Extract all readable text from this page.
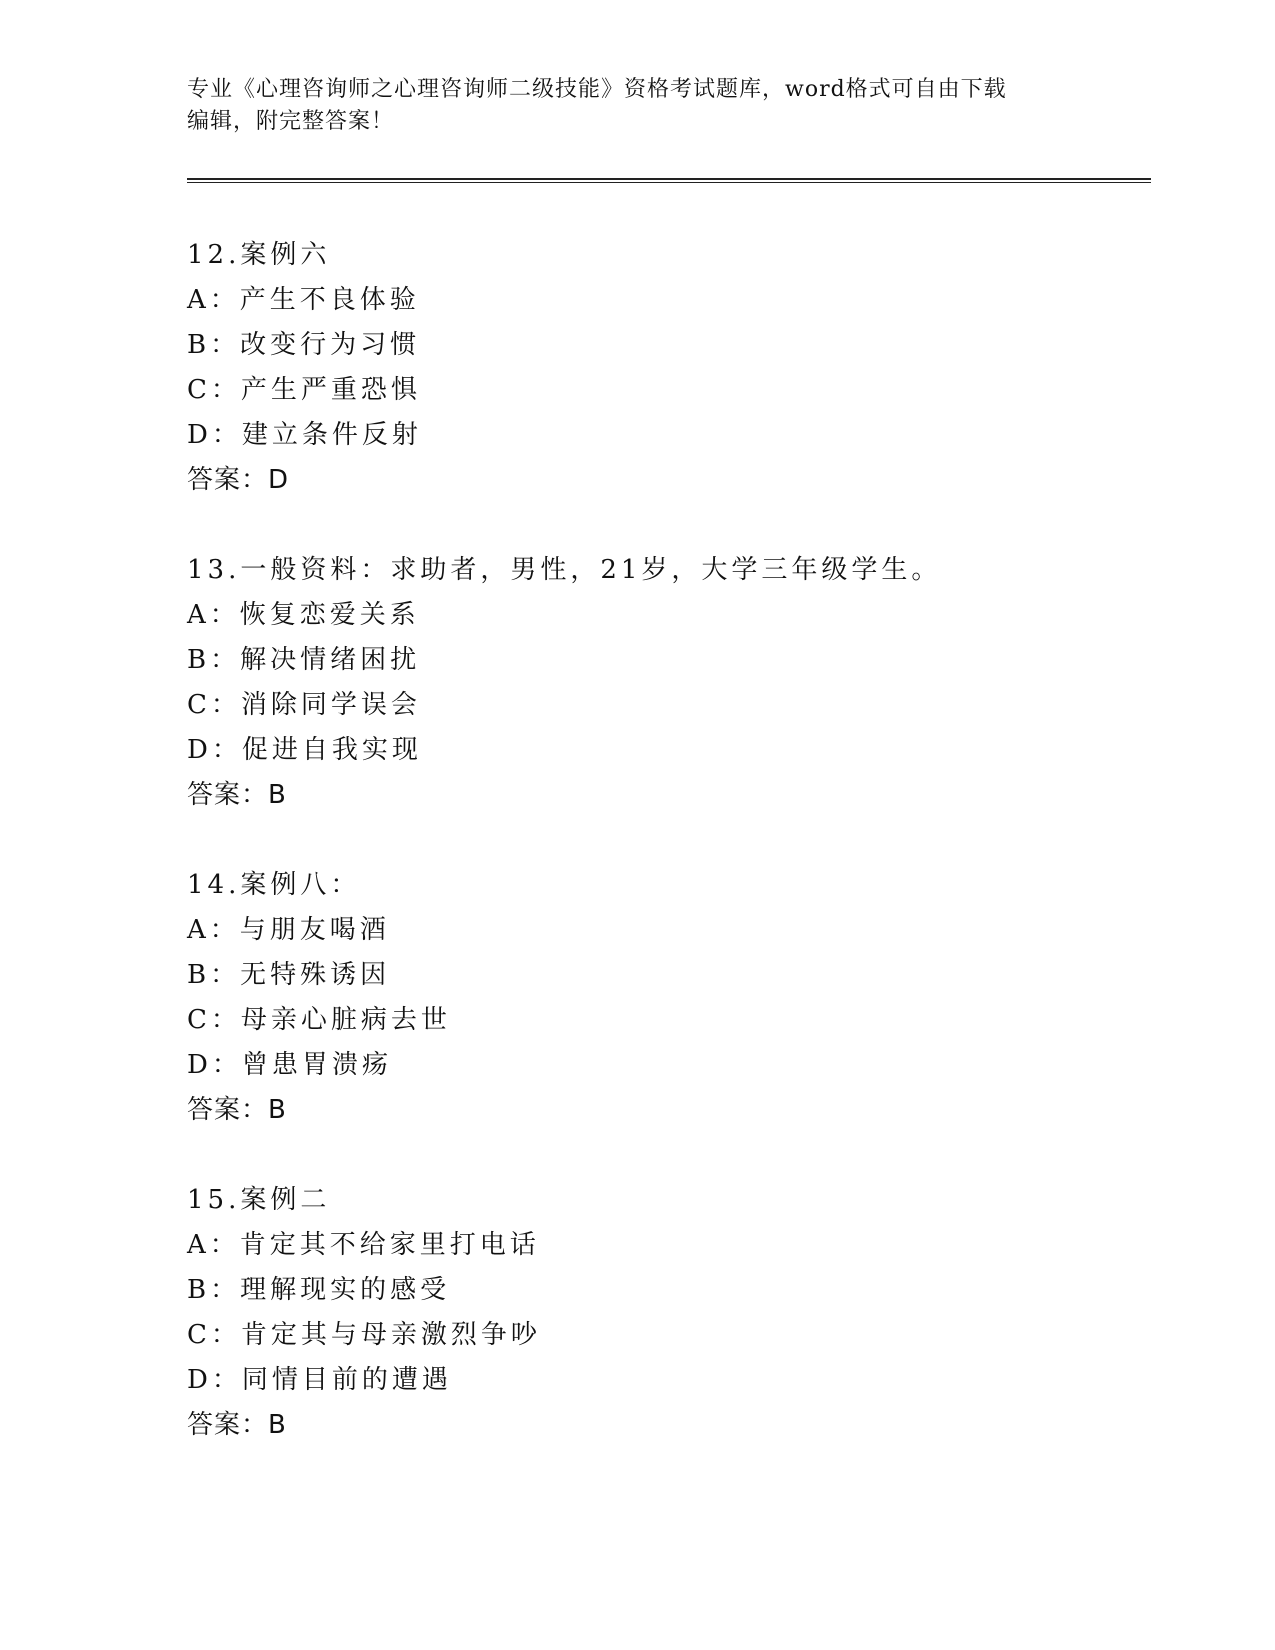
专业《心理咨询师之心理咨询师二级技能》资格考试题库，word格式可自由下载
编辑，附完整答案！
12.案例六
A：产生不良体验
B：改变行为习惯
C：产生严重恐惧
D：建立条件反射
答案：D
13.一般资料：求助者，男性，21岁，大学三年级学生。
A：恢复恋爱关系
B：解决情绪困扰
C：消除同学误会
D：促进自我实现
答案：B
14.案例八：
A：与朋友喝酒
B：无特殊诱因
C：母亲心脏病去世
D：曾患胃溃疡
答案：B
15.案例二
A：肯定其不给家里打电话
B：理解现实的感受
C：肯定其与母亲激烈争吵
D：同情目前的遭遇
答案：B
